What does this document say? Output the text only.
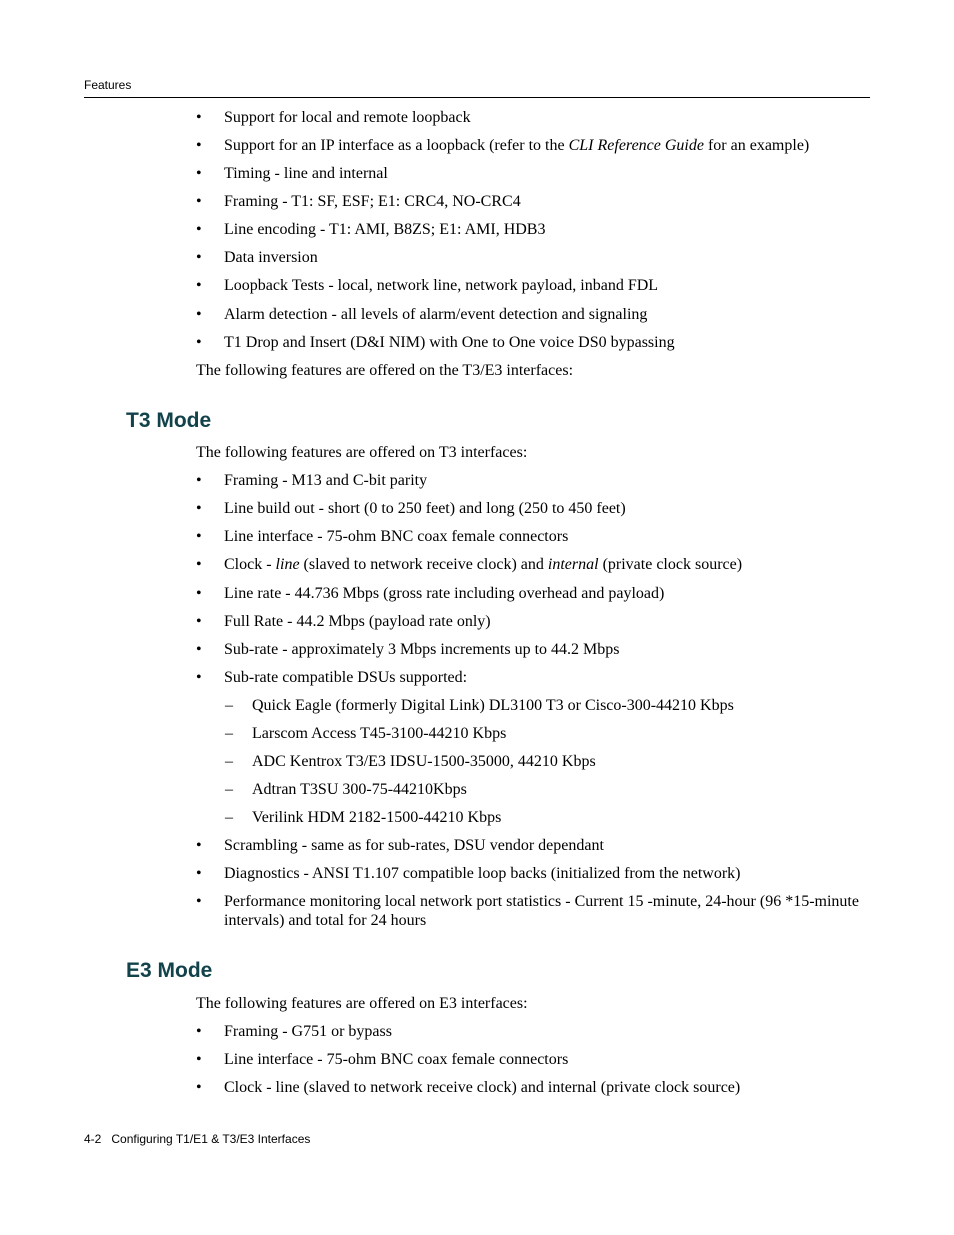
Features
• Support for local and remote loopback
• Support for an IP interface as a loopback (refer to the CLI Reference Guide for an example)
• Timing - line and internal
• Framing - T1: SF, ESF; E1: CRC4, NO-CRC4
• Line encoding - T1: AMI, B8ZS; E1: AMI, HDB3
• Data inversion
• Loopback Tests - local, network line, network payload, inband FDL
• Alarm detection - all levels of alarm/event detection and signaling
• T1 Drop and Insert (D&I NIM) with One to One voice DS0 bypassing
The following features are offered on the T3/E3 interfaces:
T3 Mode
The following features are offered on T3 interfaces:
• Framing - M13 and C-bit parity
• Line build out - short (0 to 250 feet) and long (250 to 450 feet)
• Line interface - 75-ohm BNC coax female connectors
• Clock - line (slaved to network receive clock) and internal (private clock source)
• Line rate - 44.736 Mbps (gross rate including overhead and payload)
• Full Rate - 44.2 Mbps (payload rate only)
• Sub-rate - approximately 3 Mbps increments up to 44.2 Mbps
• Sub-rate compatible DSUs supported:
– Quick Eagle (formerly Digital Link) DL3100 T3 or Cisco-300-44210 Kbps
– Larscom Access T45-3100-44210 Kbps
– ADC Kentrox T3/E3 IDSU-1500-35000, 44210 Kbps
– Adtran T3SU 300-75-44210Kbps
– Verilink HDM 2182-1500-44210 Kbps
• Scrambling - same as for sub-rates, DSU vendor dependant
• Diagnostics - ANSI T1.107 compatible loop backs (initialized from the network)
• Performance monitoring local network port statistics - Current 15 -minute, 24-hour (96 *15-minute intervals) and total for 24 hours
E3 Mode
The following features are offered on E3 interfaces:
• Framing - G751 or bypass
• Line interface - 75-ohm BNC coax female connectors
• Clock - line (slaved to network receive clock) and internal (private clock source)
4-2 Configuring T1/E1 & T3/E3 Interfaces
